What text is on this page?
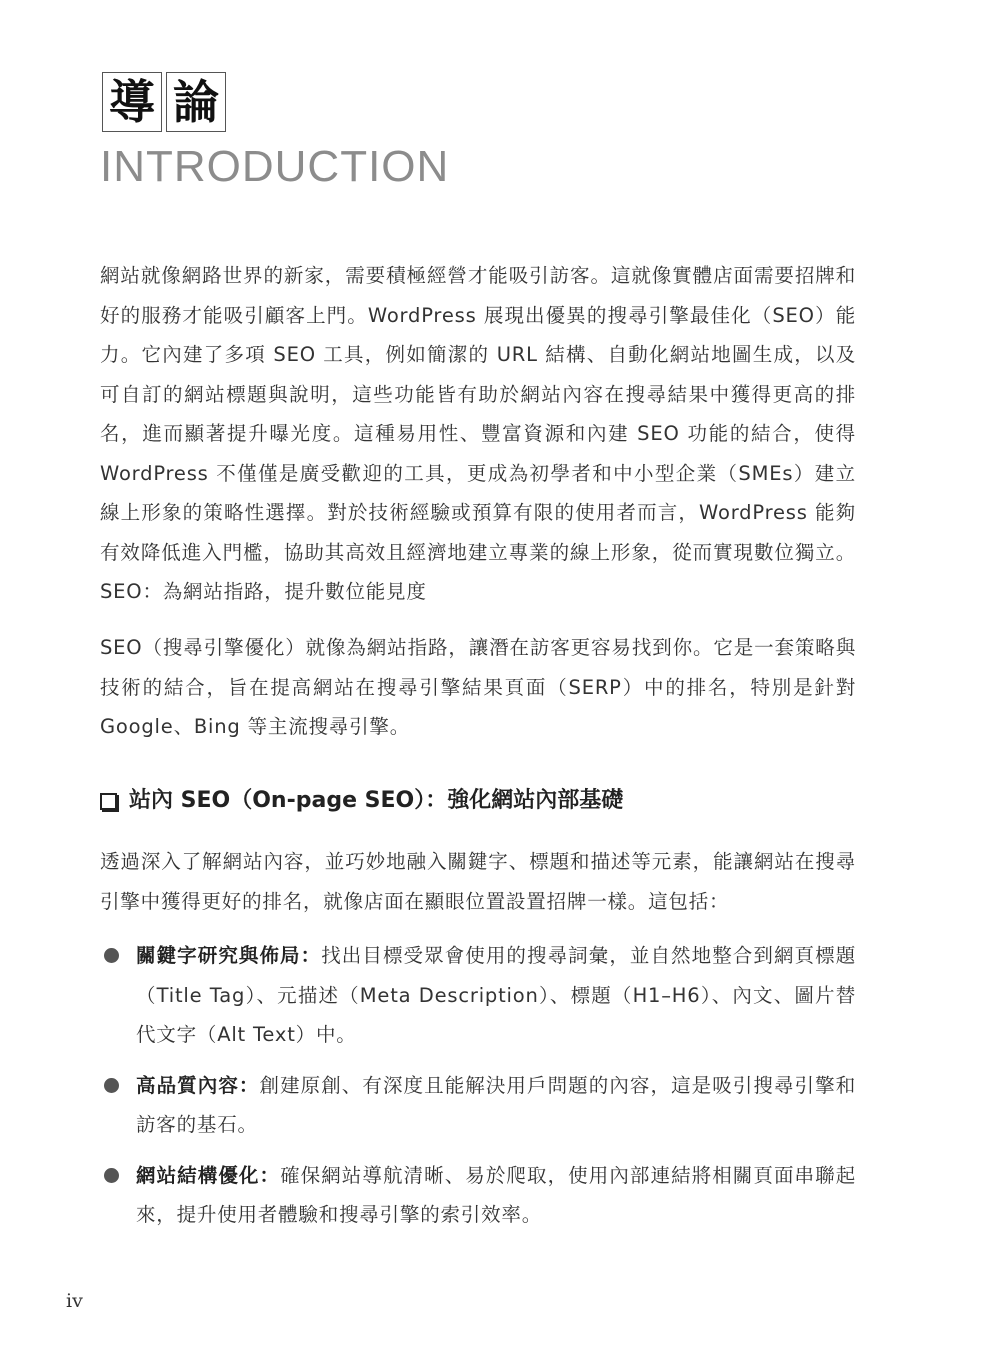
導 論
INTRODUCTION

網站就像網路世界的新家，需要積極經營才能吸引訪客。這就像實體店面需要招牌和好的服務才能吸引顧客上門。WordPress 展現出優異的搜尋引擎最佳化（SEO）能力。它內建了多項 SEO 工具，例如簡潔的 URL 結構、自動化網站地圖生成，以及可自訂的網站標題與說明，這些功能皆有助於網站內容在搜尋結果中獲得更高的排名，進而顯著提升曝光度。這種易用性、豐富資源和內建 SEO 功能的結合，使得 WordPress 不僅僅是廣受歡迎的工具，更成為初學者和中小型企業（SMEs）建立線上形象的策略性選擇。對於技術經驗或預算有限的使用者而言，WordPress 能夠有效降低進入門檻，協助其高效且經濟地建立專業的線上形象，從而實現數位獨立。SEO：為網站指路，提升數位能見度

SEO（搜尋引擎優化）就像為網站指路，讓潛在訪客更容易找到你。它是一套策略與技術的結合，旨在提高網站在搜尋引擎結果頁面（SERP）中的排名，特別是針對 Google、Bing 等主流搜尋引擎。

站內 SEO（On-page SEO）：強化網站內部基礎

透過深入了解網站內容，並巧妙地融入關鍵字、標題和描述等元素，能讓網站在搜尋引擎中獲得更好的排名，就像店面在顯眼位置設置招牌一樣。這包括：

關鍵字研究與佈局：找出目標受眾會使用的搜尋詞彙，並自然地整合到網頁標題（Title Tag）、元描述（Meta Description）、標題（H1–H6）、內文、圖片替代文字（Alt Text）中。
高品質內容：創建原創、有深度且能解決用戶問題的內容，這是吸引搜尋引擎和訪客的基石。
網站結構優化：確保網站導航清晰、易於爬取，使用內部連結將相關頁面串聯起來，提升使用者體驗和搜尋引擎的索引效率。
iv
